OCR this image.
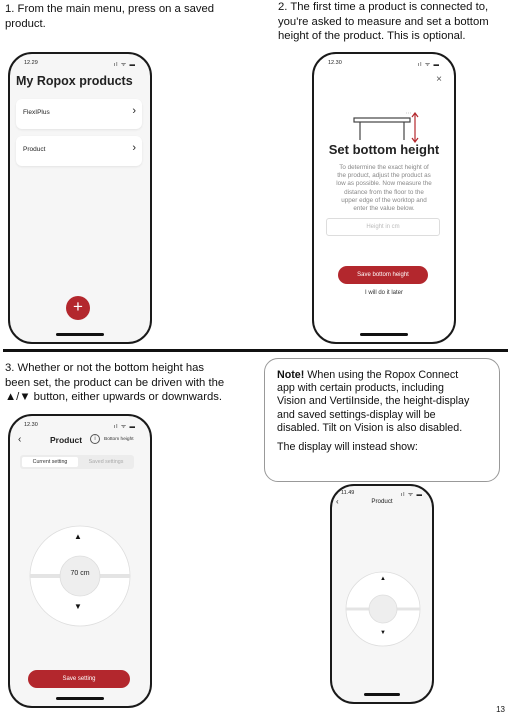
1. From the main menu, press on a saved
product.
2. The first time a product is connected to,
you're asked to measure and set a bottom
height of the product. This is optional.
12.29	ıl ᯤ ▬
My Ropox products
FlexIPlus	›
Product	›
+
12.30	ıl ᯤ ▬
×
Set bottom height
To determine the exact height of
the product, adjust the product as
low as possible. Now measure the
distance from the floor to the
upper edge of the worktop and
enter the value below.
Height in cm
Save bottom height
I will do it later
3. Whether or not the bottom height has
been set, the product can be driven with the
▲/▼ button, either upwards or downwards.
Note! When using the Ropox Connect
app with certain products, including
Vision and VertiInside, the height-display
and saved settings-display will be
disabled. Tilt on Vision is also disabled.
The display will instead show:
12.30	ıl ᯤ ▬
‹	Product	i	Bottom height
Current setting	Saved settings
▲
70 cm
▼
Save setting
11.49	ıl ᯤ ▬
‹	Product
▲
▼
13
